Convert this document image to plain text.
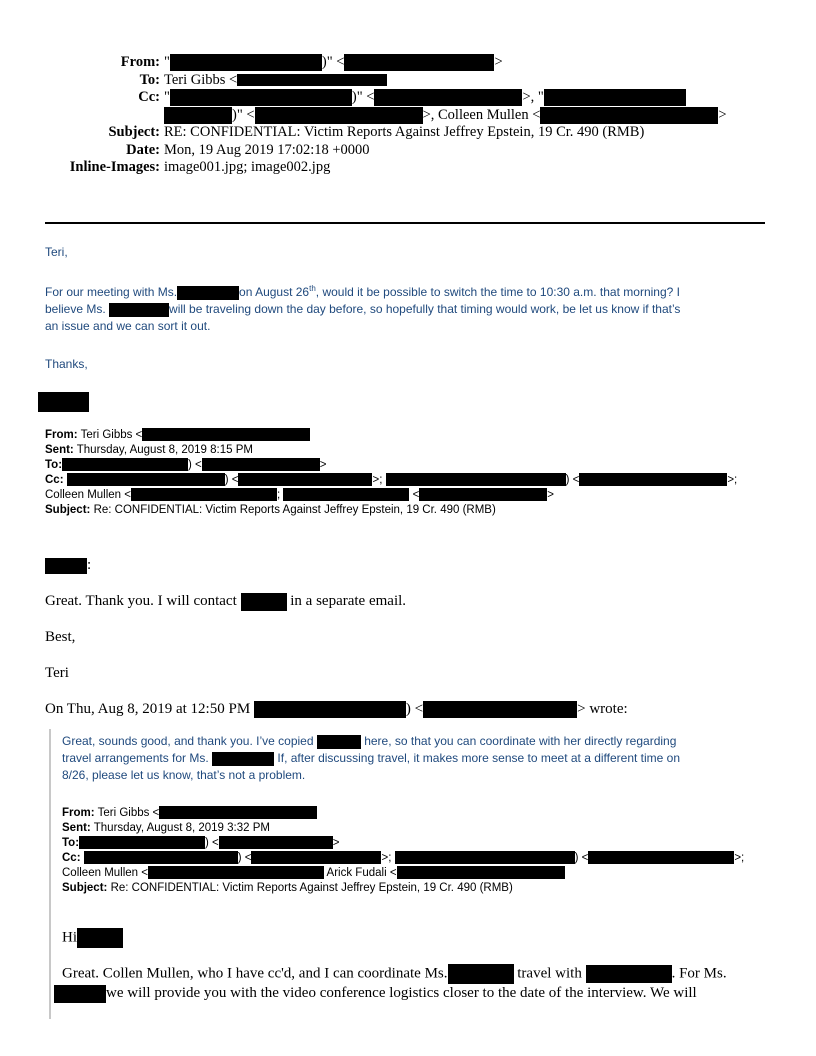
From: "	)" <	>
To: Teri Gibbs <
Cc: "	)" <	>, "
)" <	>, Colleen Mullen <	>
Subject: RE: CONFIDENTIAL: Victim Reports Against Jeffrey Epstein, 19 Cr. 490 (RMB)
Date: Mon, 19 Aug 2019 17:02:18 +0000
Inline-Images: image001.jpg; image002.jpg
Teri,
For our meeting with Ms.	on August 26th, would it be possible to switch the time to 10:30 a.m. that morning? I
believe Ms.	will be traveling down the day before, so hopefully that timing would work, be let us know if that’s
an issue and we can sort it out.
Thanks,
From: Teri Gibbs <
Sent: Thursday, August 8, 2019 8:15 PM
To:	) <	>
Cc:	) <	>;	) <	>;
Colleen Mullen <	;	<	>
Subject: Re: CONFIDENTIAL: Victim Reports Against Jeffrey Epstein, 19 Cr. 490 (RMB)
:
Great. Thank you. I will contact	in a separate email.
Best,
Teri
On Thu, Aug 8, 2019 at 12:50 PM	) <	> wrote:
Great, sounds good, and thank you. I’ve copied	here, so that you can coordinate with her directly regarding
travel arrangements for Ms.	If, after discussing travel, it makes more sense to meet at a different time on
8/26, please let us know, that’s not a problem.
From: Teri Gibbs <
Sent: Thursday, August 8, 2019 3:32 PM
To:	) <	>
Cc:	) <	>;	) <	>;
Colleen Mullen <	Arick Fudali <
Subject: Re: CONFIDENTIAL: Victim Reports Against Jeffrey Epstein, 19 Cr. 490 (RMB)
Hi
Great. Collen Mullen, who I have cc'd, and I can coordinate Ms.	travel with	. For Ms.
we will provide you with the video conference logistics closer to the date of the interview. We will
